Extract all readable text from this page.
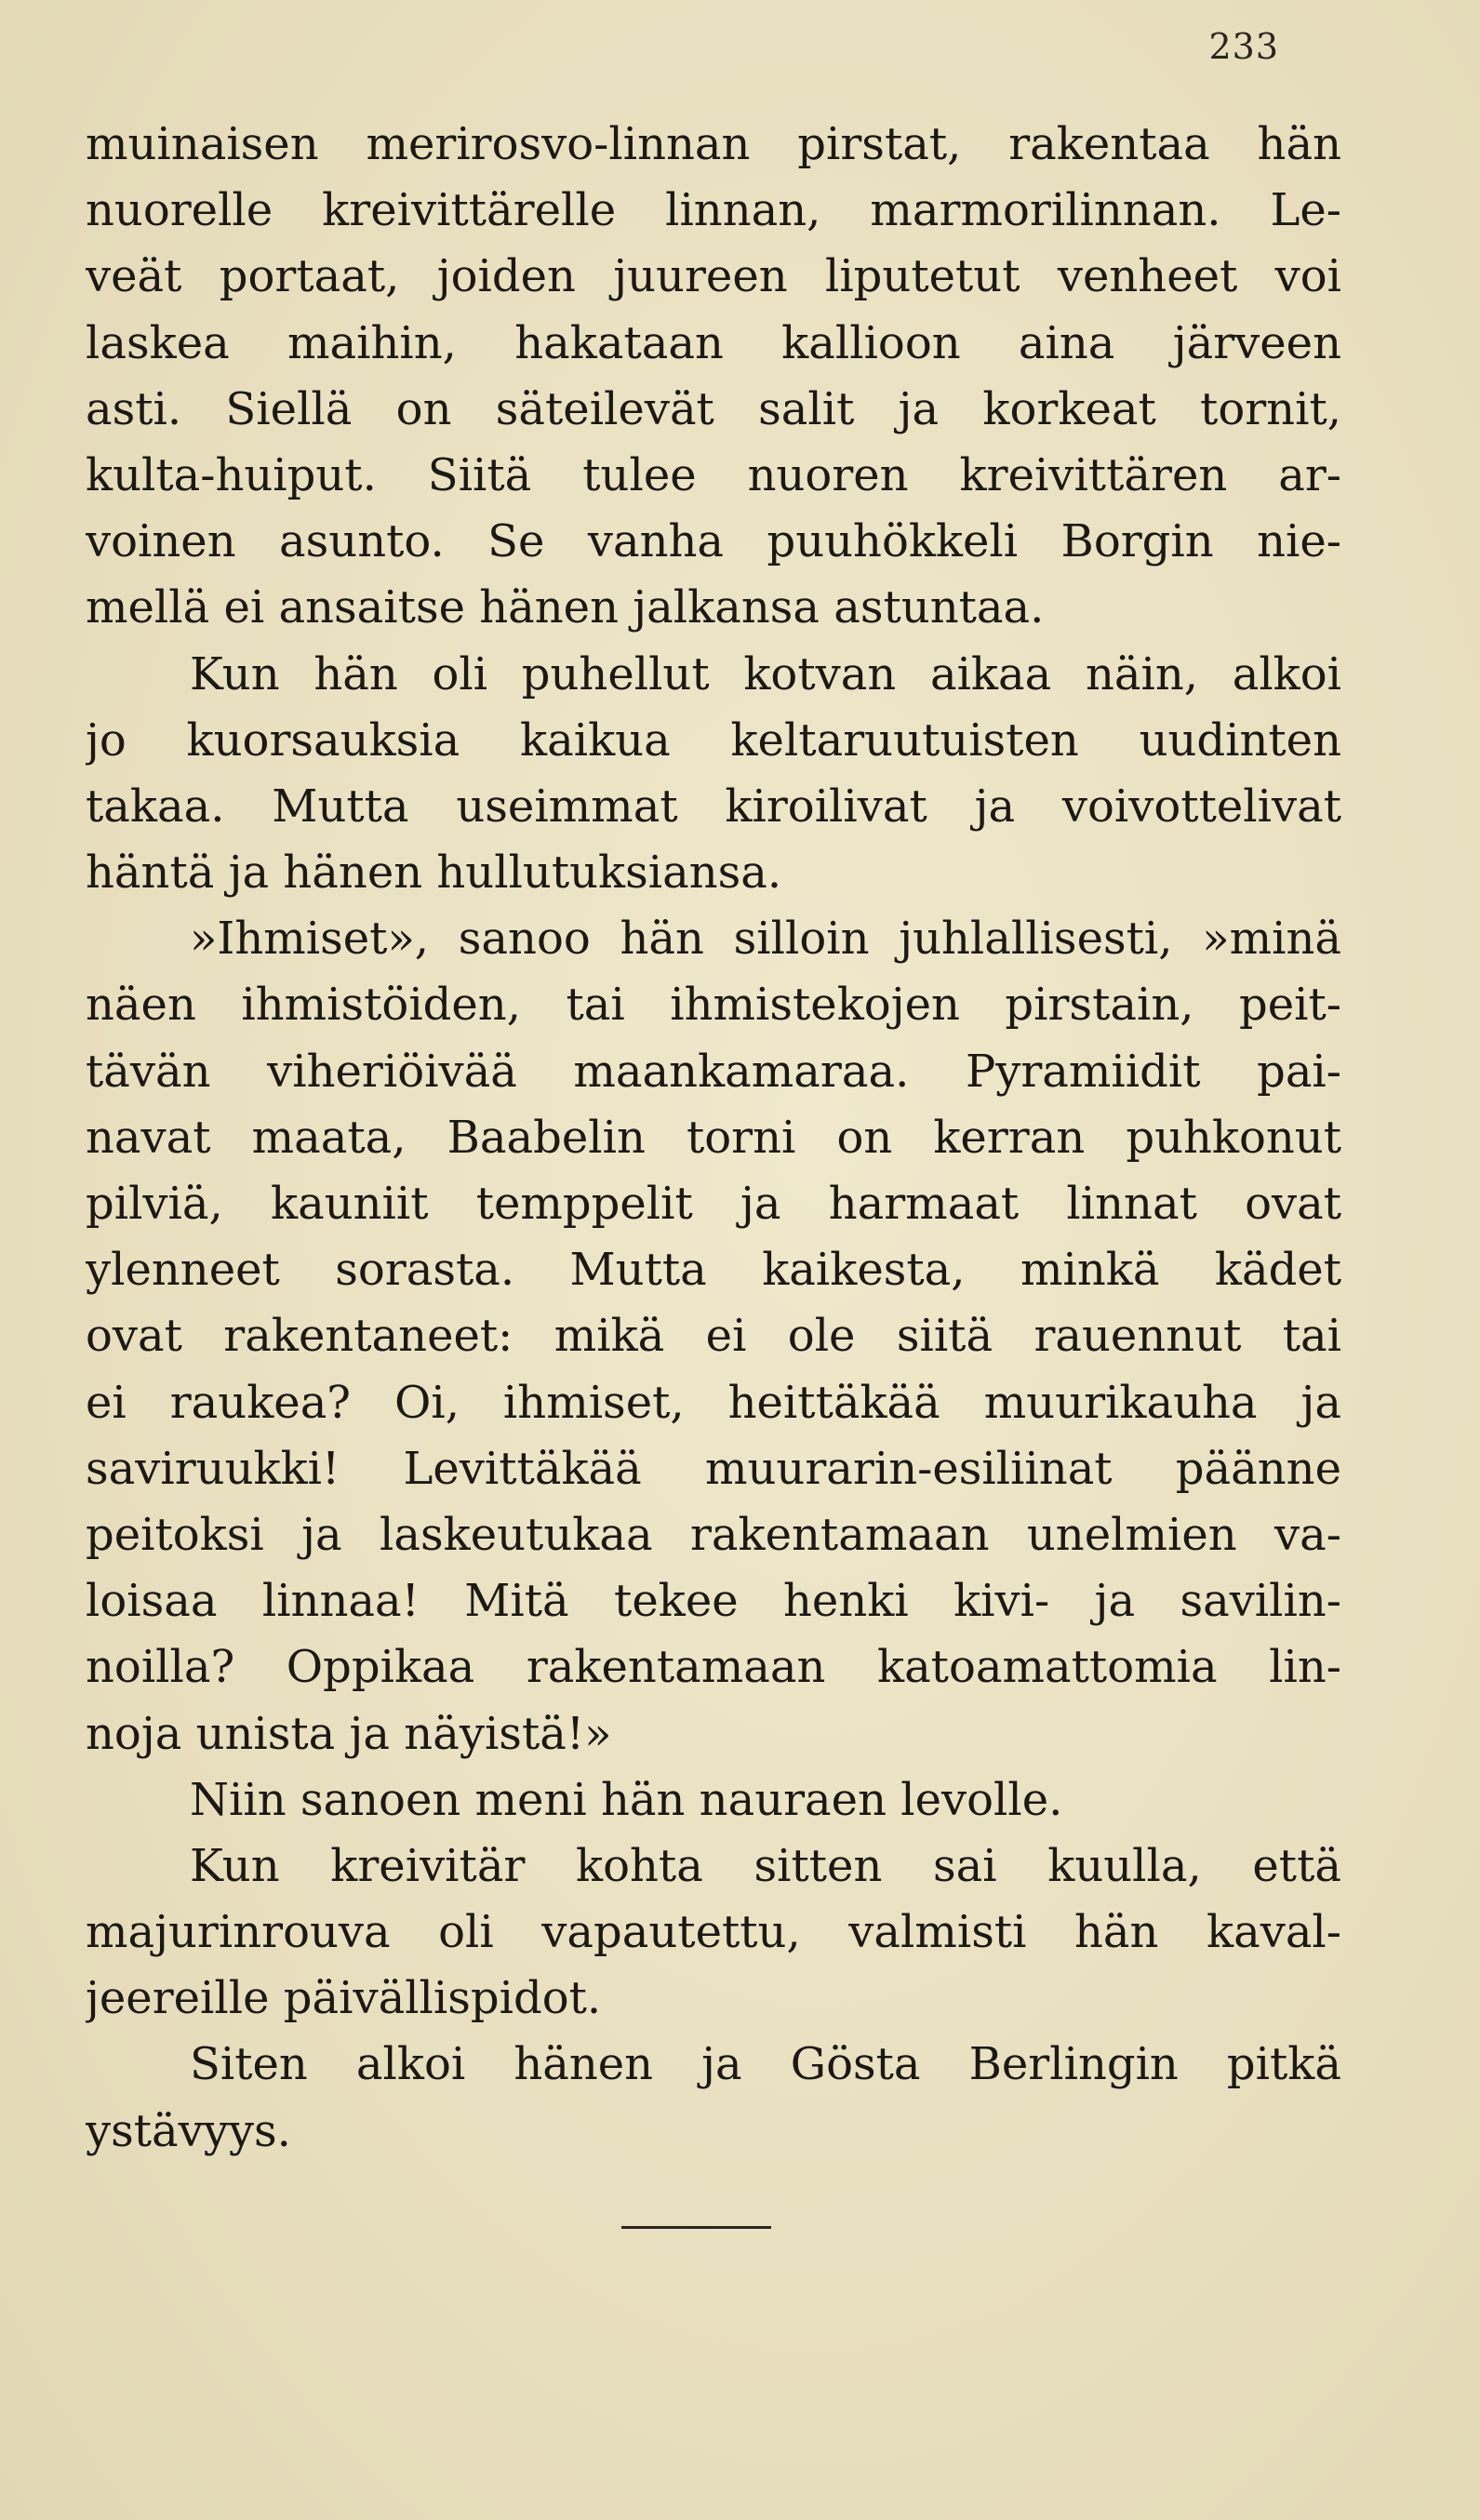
233
muinaisen merirosvo-linnan pirstat, rakentaa hän
nuorelle kreivittärelle linnan, marmorilinnan. Le-
veät portaat, joiden juureen liputetut venheet voi
laskea maihin, hakataan kallioon aina järveen
asti. Siellä on säteilevät salit ja korkeat tornit,
kulta-huiput. Siitä tulee nuoren kreivittären ar-
voinen asunto. Se vanha puuhökkeli Borgin nie-
mellä ei ansaitse hänen jalkansa astuntaa.
Kun hän oli puhellut kotvan aikaa näin, alkoi
jo kuorsauksia kaikua keltaruutuisten uudinten
takaa. Mutta useimmat kiroilivat ja voivottelivat
häntä ja hänen hullutuksiansa.
»Ihmiset», sanoo hän silloin juhlallisesti, »minä
näen ihmistöiden, tai ihmistekojen pirstain, peit-
tävän viheriöivää maankamaraa. Pyramiidit pai-
navat maata, Baabelin torni on kerran puhkonut
pilviä, kauniit temppelit ja harmaat linnat ovat
ylenneet sorasta. Mutta kaikesta, minkä kädet
ovat rakentaneet: mikä ei ole siitä rauennut tai
ei raukea? Oi, ihmiset, heittäkää muurikauha ja
saviruukki! Levittäkää muurarin-esiliinat päänne
peitoksi ja laskeutukaa rakentamaan unelmien va-
loisaa linnaa! Mitä tekee henki kivi- ja savilin-
noilla? Oppikaa rakentamaan katoamattomia lin-
noja unista ja näyistä!»
Niin sanoen meni hän nauraen levolle.
Kun kreivitär kohta sitten sai kuulla, että
majurinrouva oli vapautettu, valmisti hän kaval-
jeereille päivällispidot.
Siten alkoi hänen ja Gösta Berlingin pitkä
ystävyys.
